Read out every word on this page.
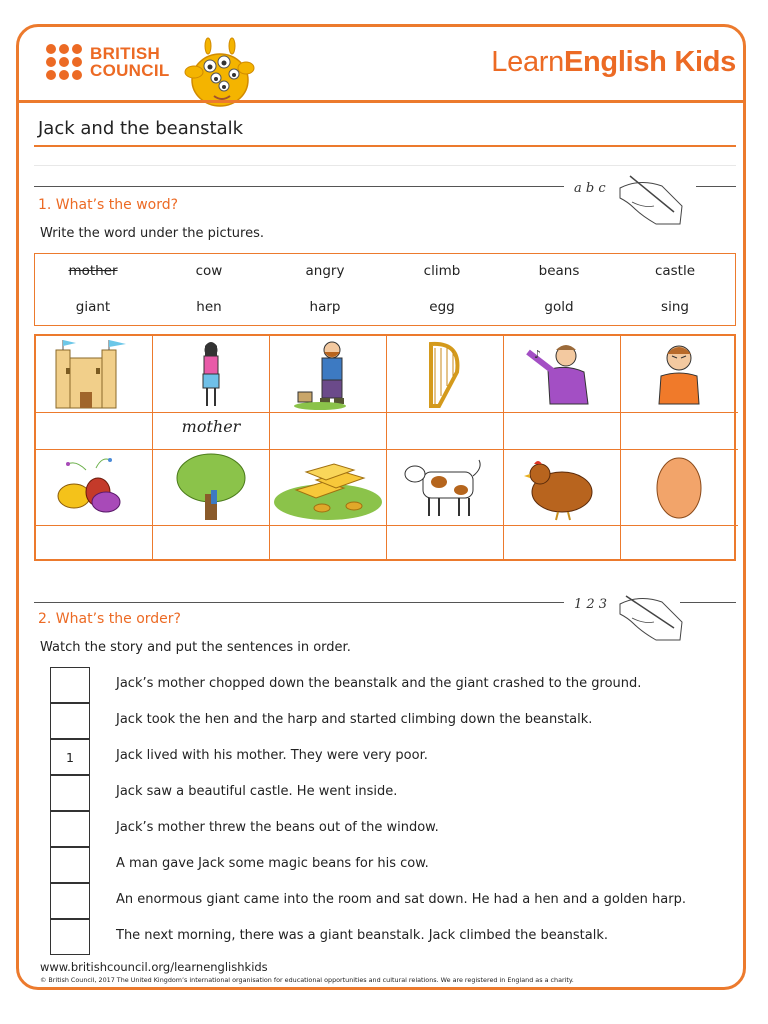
BRITISH
COUNCIL	LearnEnglish Kids
Jack and the beanstalk
a b c
1. What’s the word?
Write the word under the pictures.
mother	cow	angry	climb	beans	castle
giant	hen	harp	egg	gold	sing
♪
mother
1 2 3
2. What’s the order?
Watch the story and put the sentences in order.
Jack’s mother chopped down the beanstalk and the giant crashed to the ground.
Jack took the hen and the harp and started climbing down the beanstalk.
1	Jack lived with his mother. They were very poor.
Jack saw a beautiful castle. He went inside.
Jack’s mother threw the beans out of the window.
A man gave Jack some magic beans for his cow.
An enormous giant came into the room and sat down. He had a hen and a golden harp.
The next morning, there was a giant beanstalk. Jack climbed the beanstalk.
www.britishcouncil.org/learnenglishkids
© British Council, 2017 The United Kingdom’s international organisation for educational opportunities and cultural relations. We are registered in England as a charity.
